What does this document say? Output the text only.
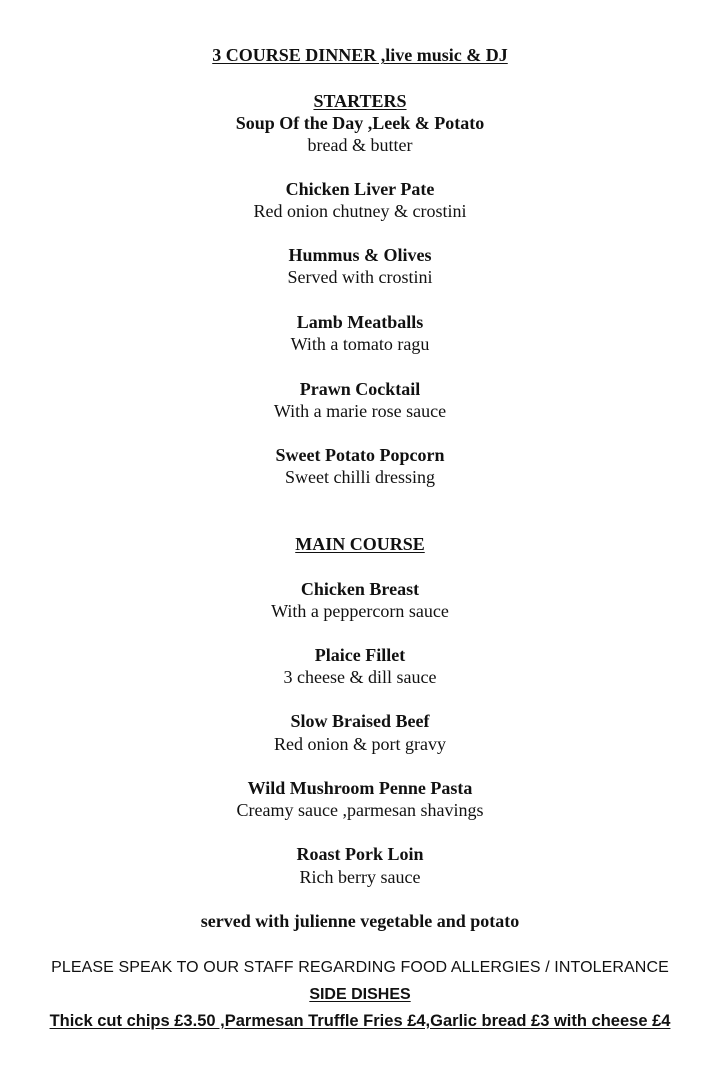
3 COURSE DINNER ,live music & DJ
STARTERS
Soup Of the Day ,Leek & Potato
bread & butter
Chicken Liver Pate
Red onion chutney & crostini
Hummus & Olives
Served with crostini
Lamb Meatballs
With a tomato ragu
Prawn Cocktail
With a marie rose sauce
Sweet Potato Popcorn
Sweet chilli dressing
MAIN COURSE
Chicken Breast
With a peppercorn sauce
Plaice Fillet
3 cheese & dill sauce
Slow Braised Beef
Red onion & port gravy
Wild Mushroom Penne Pasta
Creamy sauce ,parmesan shavings
Roast Pork Loin
Rich berry sauce
served with julienne vegetable and potato
PLEASE SPEAK TO OUR STAFF REGARDING FOOD ALLERGIES / INTOLERANCE
SIDE DISHES
Thick cut chips £3.50 ,Parmesan Truffle Fries £4,Garlic bread £3 with cheese £4
